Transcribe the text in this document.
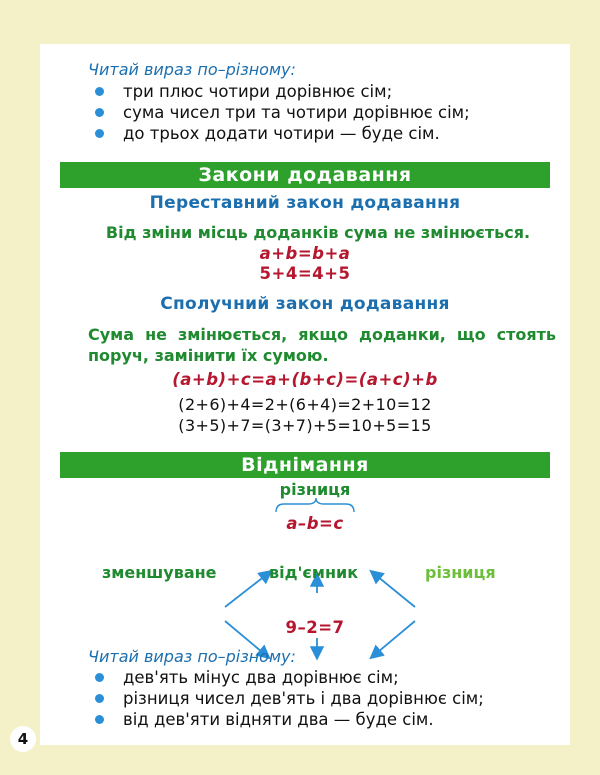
Читай вираз по–різному:
три плюс чотири дорівнює сім;
сума чисел три та чотири дорівнює сім;
до трьох додати чотири — буде сім.
Закони додавання
Переставний закон додавання
Від зміни місць доданків сума не змінюється.
a+b=b+a
5+4=4+5
Сполучний закон додавання
Сума не змінюється, якщо доданки, що стоять
поруч, замінити їх сумою.
(a+b)+c=a+(b+c)=(a+c)+b
(2+6)+4=2+(6+4)=2+10=12
(3+5)+7=(3+7)+5=10+5=15
Віднімання
різниця
a–b=c
зменшуване	від'ємник	різниця
9–2=7
Читай вираз по–різному:
дев'ять мінус два дорівнює сім;
різниця чисел дев'ять і два дорівнює сім;
від дев'яти відняти два — буде сім.
4
